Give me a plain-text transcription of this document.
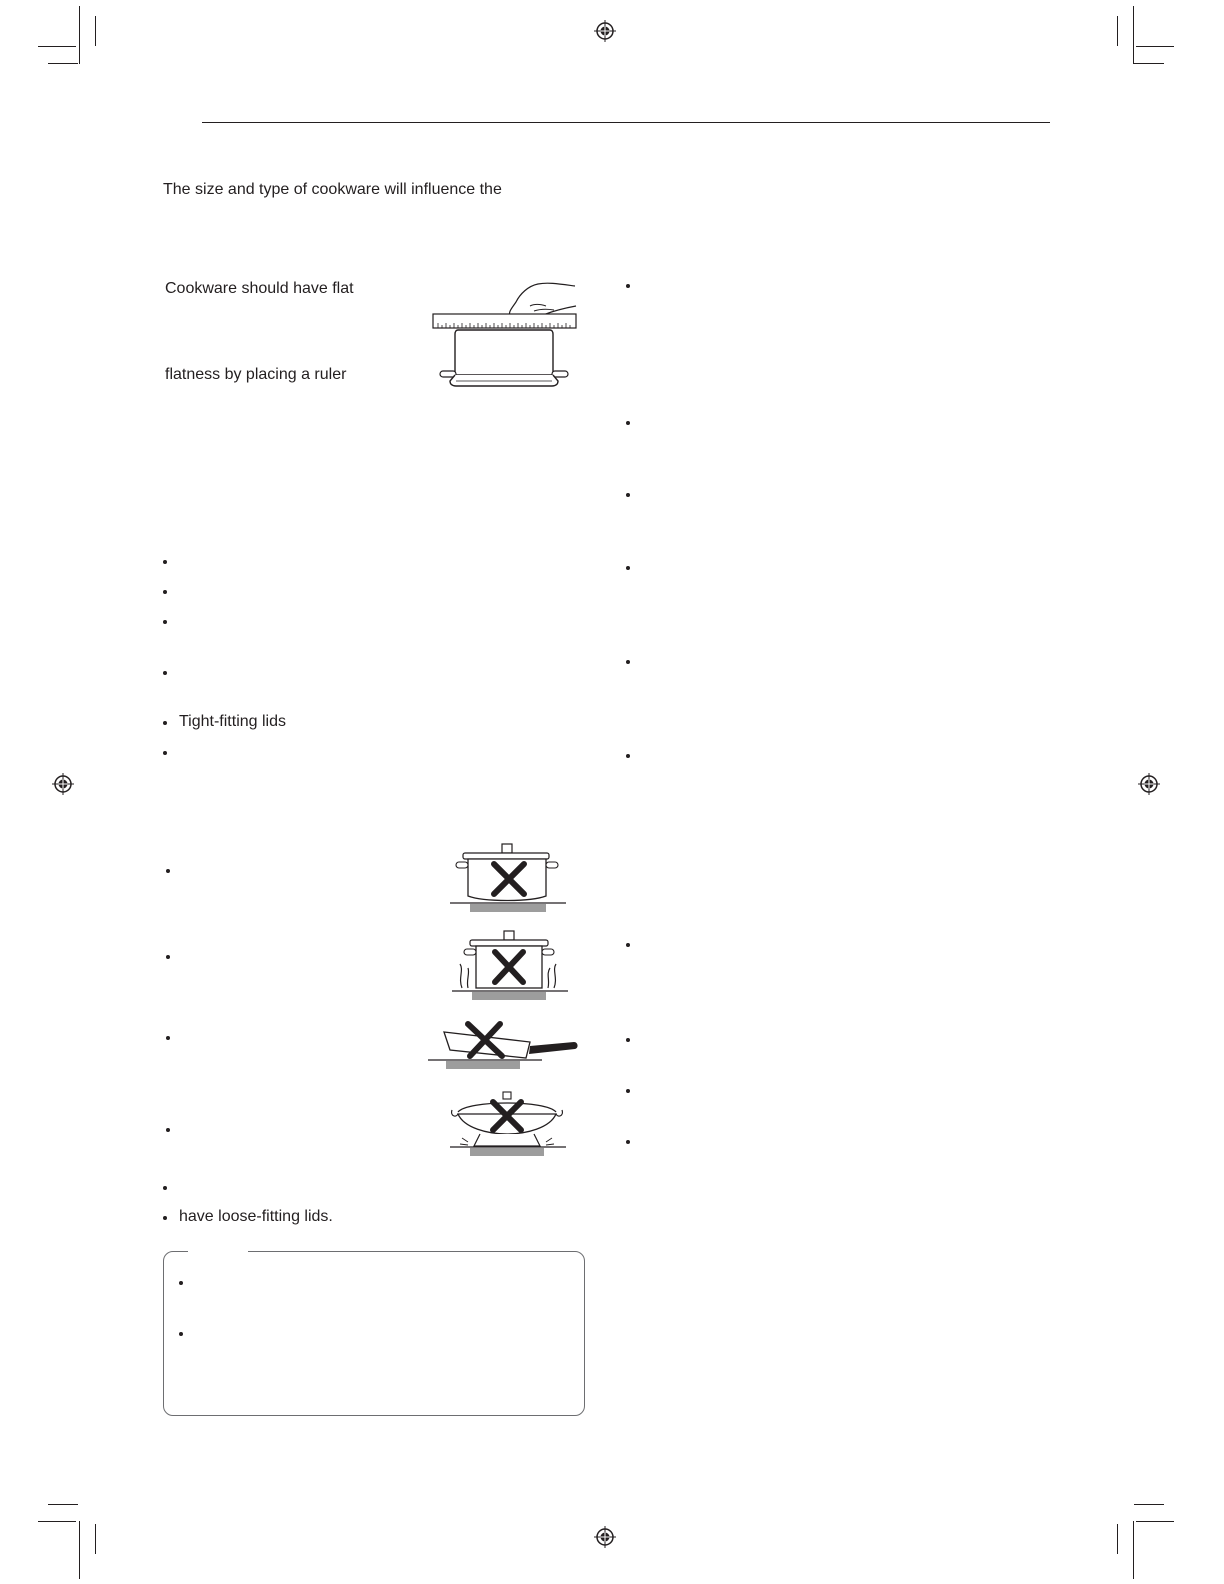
The size and type of cookware will influence the
Cookware should have flat
flatness by placing a ruler
Tight-fitting lids
have loose-fitting lids.
